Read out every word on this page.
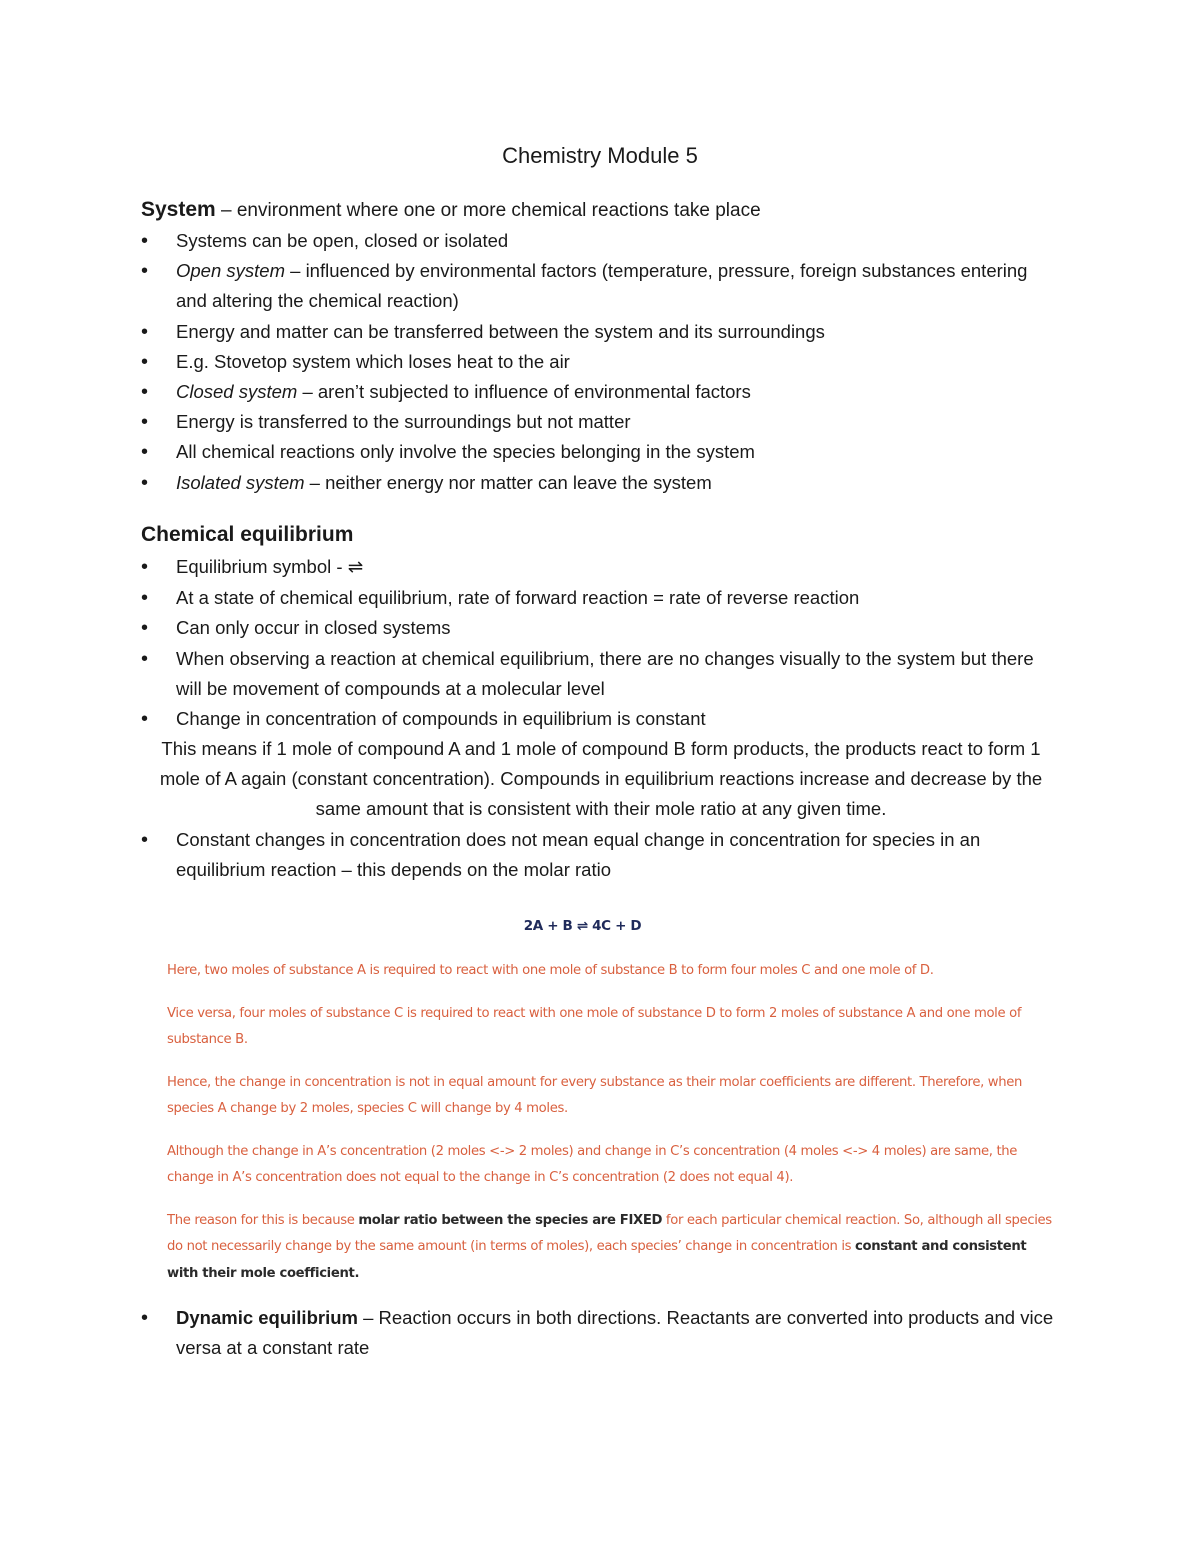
Chemistry Module 5
System – environment where one or more chemical reactions take place
• Systems can be open, closed or isolated
• Open system – influenced by environmental factors (temperature, pressure, foreign substances entering and altering the chemical reaction)
• Energy and matter can be transferred between the system and its surroundings
• E.g. Stovetop system which loses heat to the air
• Closed system – aren’t subjected to influence of environmental factors
• Energy is transferred to the surroundings but not matter
• All chemical reactions only involve the species belonging in the system
• Isolated system – neither energy nor matter can leave the system
Chemical equilibrium
• Equilibrium symbol - ⇌
• At a state of chemical equilibrium, rate of forward reaction = rate of reverse reaction
• Can only occur in closed systems
• When observing a reaction at chemical equilibrium, there are no changes visually to the system but there will be movement of compounds at a molecular level
• Change in concentration of compounds in equilibrium is constant
This means if 1 mole of compound A and 1 mole of compound B form products, the products react to form 1 mole of A again (constant concentration). Compounds in equilibrium reactions increase and decrease by the same amount that is consistent with their mole ratio at any given time.
• Constant changes in concentration does not mean equal change in concentration for species in an equilibrium reaction – this depends on the molar ratio
2A + B ⇌ 4C + D

Here, two moles of substance A is required to react with one mole of substance B to form four moles C and one mole of D.

Vice versa, four moles of substance C is required to react with one mole of substance D to form 2 moles of substance A and one mole of substance B.

Hence, the change in concentration is not in equal amount for every substance as their molar coefficients are different. Therefore, when species A change by 2 moles, species C will change by 4 moles.

Although the change in A’s concentration (2 moles <-> 2 moles) and change in C’s concentration (4 moles <-> 4 moles) are same, the change in A’s concentration does not equal to the change in C’s concentration (2 does not equal 4).

The reason for this is because molar ratio between the species are FIXED for each particular chemical reaction. So, although all species do not necessarily change by the same amount (in terms of moles), each species’ change in concentration is constant and consistent with their mole coefficient.

• Dynamic equilibrium – Reaction occurs in both directions. Reactants are converted into products and vice versa at a constant rate
